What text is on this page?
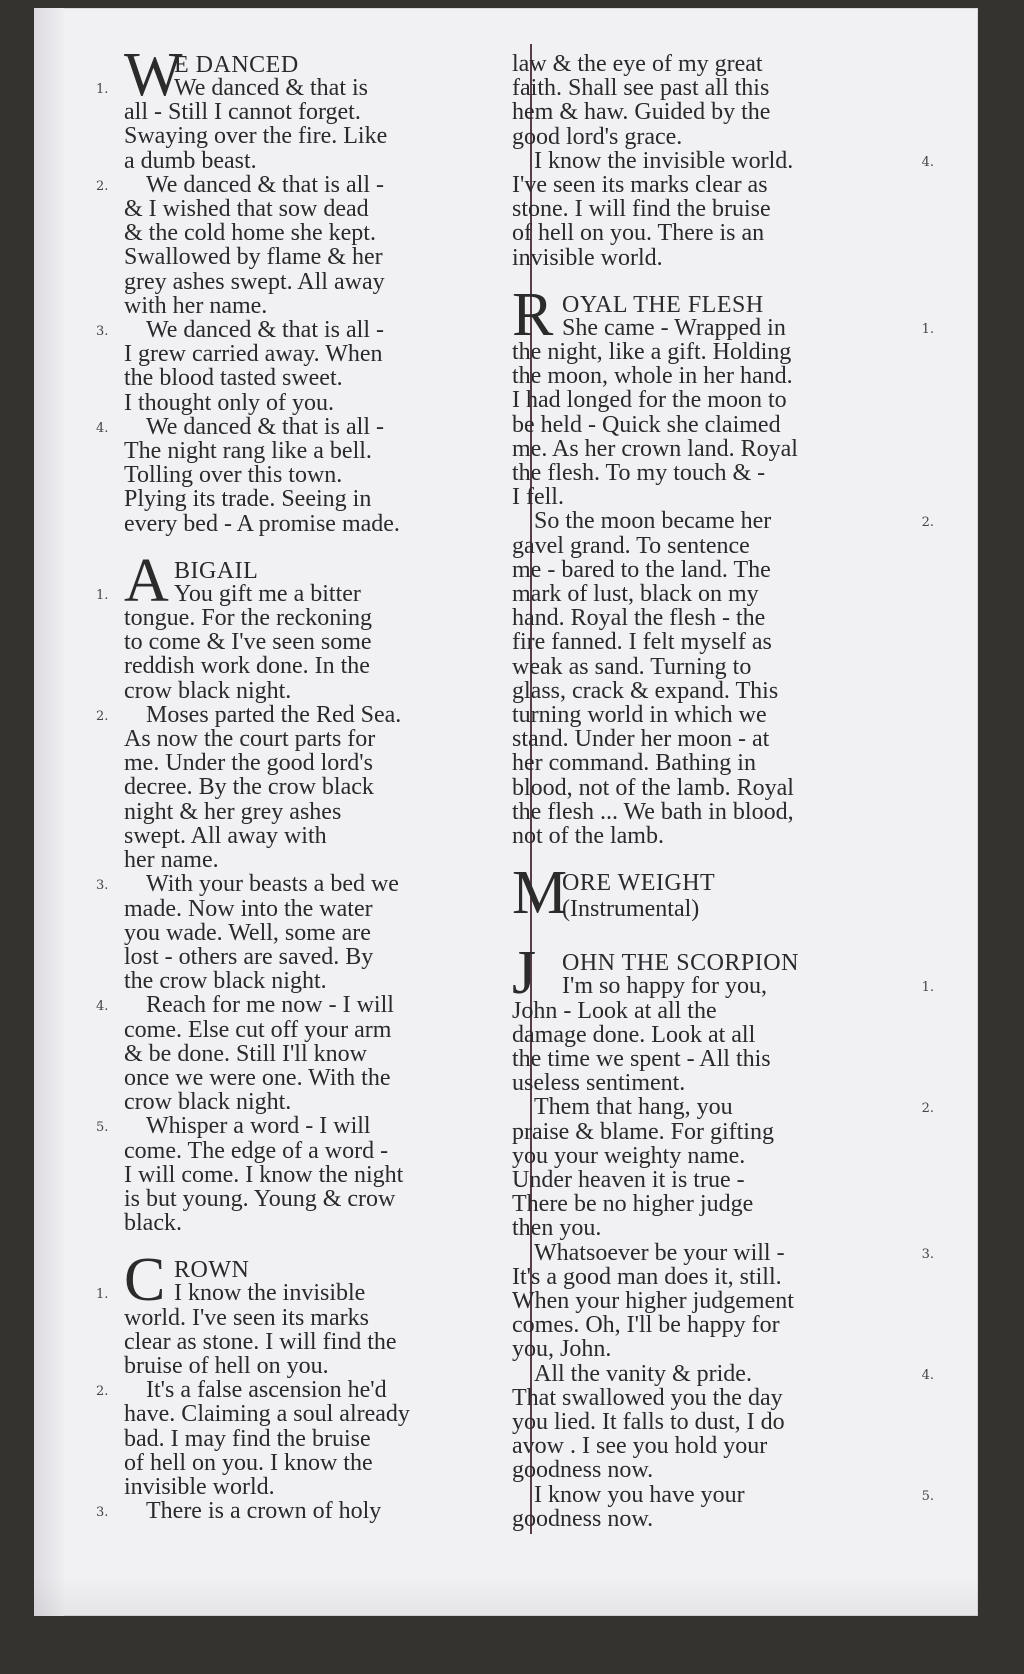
W
E DANCED
1.	We danced & that is
all - Still I cannot forget.
Swaying over the fire. Like
a dumb beast.
2.	We danced & that is all -
& I wished that sow dead
& the cold home she kept.
Swallowed by flame & her
grey ashes swept. All away
with her name.
3.	We danced & that is all -
I grew carried away. When
the blood tasted sweet.
I thought only of you.
4.	We danced & that is all -
The night rang like a bell.
Tolling over this town.
Plying its trade. Seeing in
every bed - A promise made.
A BIGAIL
1.	You gift me a bitter
tongue. For the reckoning
to come & I've seen some
reddish work done. In the
crow black night.
2.	Moses parted the Red Sea.
As now the court parts for
me. Under the good lord's
decree. By the crow black
night & her grey ashes
swept. All away with
her name.
3.	With your beasts a bed we
made. Now into the water
you wade. Well, some are
lost - others are saved. By
the crow black night.
4.	Reach for me now - I will
come. Else cut off your arm
& be done. Still I'll know
once we were one. With the
crow black night.
5.	Whisper a word - I will
come. The edge of a word -
I will come. I know the night
is but young. Young & crow
black.
C ROWN
1.	I know the invisible
world. I've seen its marks
clear as stone. I will find the
bruise of hell on you.
2.	It's a false ascension he'd
have. Claiming a soul already
bad. I may find the bruise
of hell on you. I know the
invisible world.
3.	There is a crown of holy
law & the eye of my great
faith. Shall see past all this
hem & haw. Guided by the
good lord's grace.
4.
I know the invisible world.
I've seen its marks clear as
stone. I will find the bruise
of hell on you. There is an
invisible world.
R OYAL THE FLESH
1.
She came - Wrapped in
the night, like a gift. Holding
the moon, whole in her hand.
I had longed for the moon to
be held - Quick she claimed
me. As her crown land. Royal
the flesh. To my touch & -
I fell.
2.
So the moon became her
gavel grand. To sentence
me - bared to the land. The
mark of lust, black on my
hand. Royal the flesh - the
fire fanned. I felt myself as
weak as sand. Turning to
glass, crack & expand. This
turning world in which we
stand. Under her moon - at
her command. Bathing in
blood, not of the lamb. Royal
the flesh ... We bath in blood,
not of the lamb.
M
ORE WEIGHT
(Instrumental)
J OHN THE SCORPION
1.
I'm so happy for you,
John - Look at all the
damage done. Look at all
the time we spent - All this
useless sentiment.
2.
Them that hang, you
praise & blame. For gifting
you your weighty name.
Under heaven it is true -
There be no higher judge
then you.
3.
Whatsoever be your will -
It's a good man does it, still.
When your higher judgement
comes. Oh, I'll be happy for
you, John.
4.
All the vanity & pride.
That swallowed you the day
you lied. It falls to dust, I do
avow . I see you hold your
goodness now.
5.
I know you have your
goodness now.
